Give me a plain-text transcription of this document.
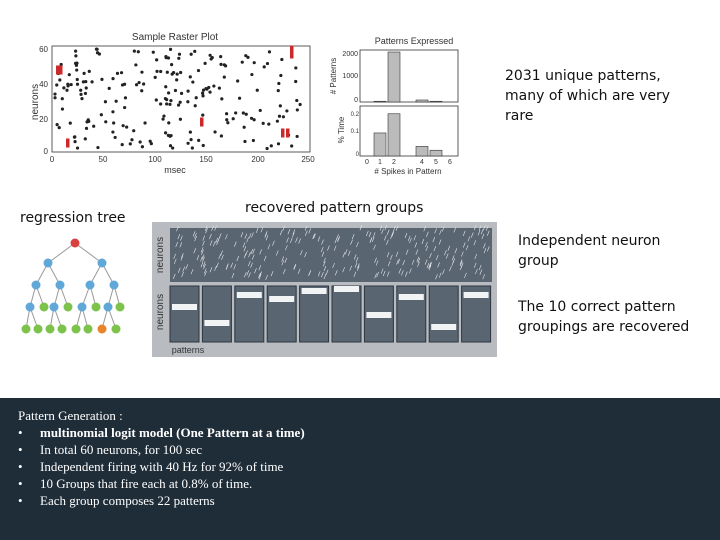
Sample Raster Plot
neurons
60
40
20
0
0	50	100	150	200	250
msec
Patterns Expressed
# Patterns
2000
1000
0
% Time
0.2
0.1
0
0 1 2	4 5 6
# Spikes in Pattern
2031 unique patterns, many of which are very rare
regression tree
recovered pattern groups
Independent neuron group
The 10 correct pattern groupings are recovered
neurons
neurons
patterns
Pattern Generation :
•	multinomial logit model (One Pattern at a time)
•	In total 60 neurons, for 100 sec
•	Independent firing with 40 Hz for 92% of time
•	10 Groups that fire each at 0.8% of time.
•	Each group composes 22 patterns
